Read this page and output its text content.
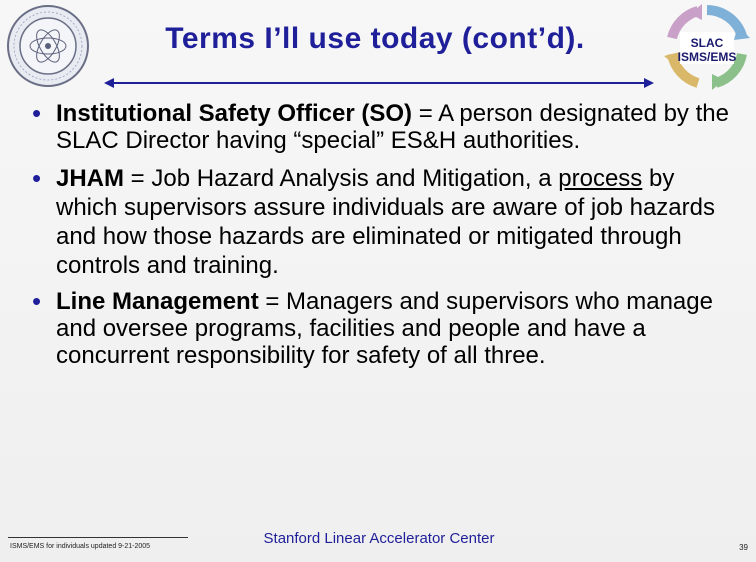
Terms I’ll use today (cont’d).	SLAC
ISMS/EMS
• Institutional Safety Officer (SO) = A person designated by the SLAC Director having “special” ES&H authorities.
• JHAM = Job Hazard Analysis and Mitigation, a process by which supervisors assure individuals are aware of job hazards and how those hazards are eliminated or mitigated through controls and training.
• Line Management = Managers and supervisors who manage and oversee programs, facilities and people and have a concurrent responsibility for safety of all three.
ISMS/EMS for individuals updated 9-21-2005	Stanford Linear Accelerator Center
39
